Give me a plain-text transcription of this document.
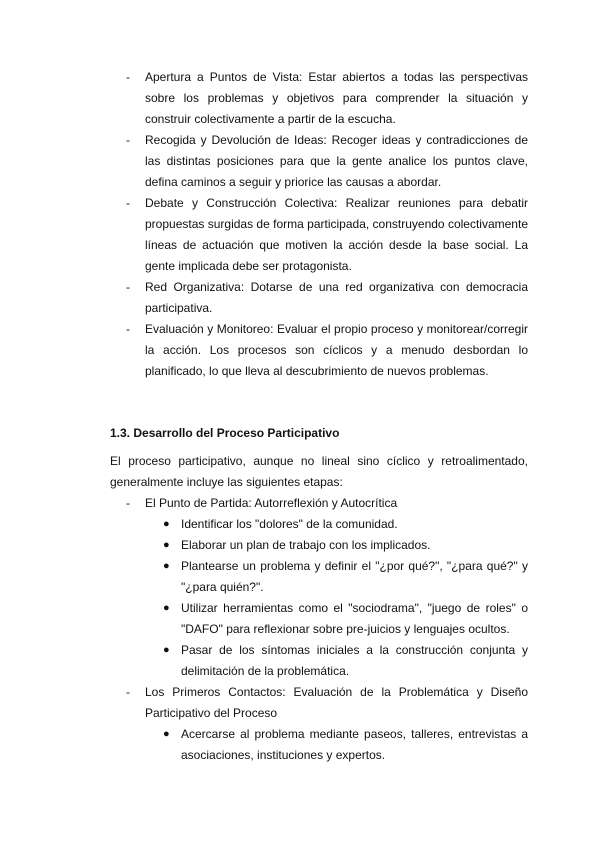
- Apertura a Puntos de Vista: Estar abiertos a todas las perspectivas sobre los problemas y objetivos para comprender la situación y construir colectivamente a partir de la escucha.
- Recogida y Devolución de Ideas: Recoger ideas y contradicciones de las distintas posiciones para que la gente analice los puntos clave, defina caminos a seguir y priorice las causas a abordar.
- Debate y Construcción Colectiva: Realizar reuniones para debatir propuestas surgidas de forma participada, construyendo colectivamente líneas de actuación que motiven la acción desde la base social. La gente implicada debe ser protagonista.
- Red Organizativa: Dotarse de una red organizativa con democracia participativa.
- Evaluación y Monitoreo: Evaluar el propio proceso y monitorear/corregir la acción. Los procesos son cíclicos y a menudo desbordan lo planificado, lo que lleva al descubrimiento de nuevos problemas.
1.3. Desarrollo del Proceso Participativo
El proceso participativo, aunque no lineal sino cíclico y retroalimentado, generalmente incluye las siguientes etapas:
- El Punto de Partida: Autorreflexión y Autocrítica
● Identificar los "dolores" de la comunidad.
● Elaborar un plan de trabajo con los implicados.
● Plantearse un problema y definir el "¿por qué?", "¿para qué?" y "¿para quién?".
● Utilizar herramientas como el "sociodrama", "juego de roles" o "DAFO" para reflexionar sobre pre-juicios y lenguajes ocultos.
● Pasar de los síntomas iniciales a la construcción conjunta y delimitación de la problemática.
- Los Primeros Contactos: Evaluación de la Problemática y Diseño Participativo del Proceso
● Acercarse al problema mediante paseos, talleres, entrevistas a asociaciones, instituciones y expertos.
